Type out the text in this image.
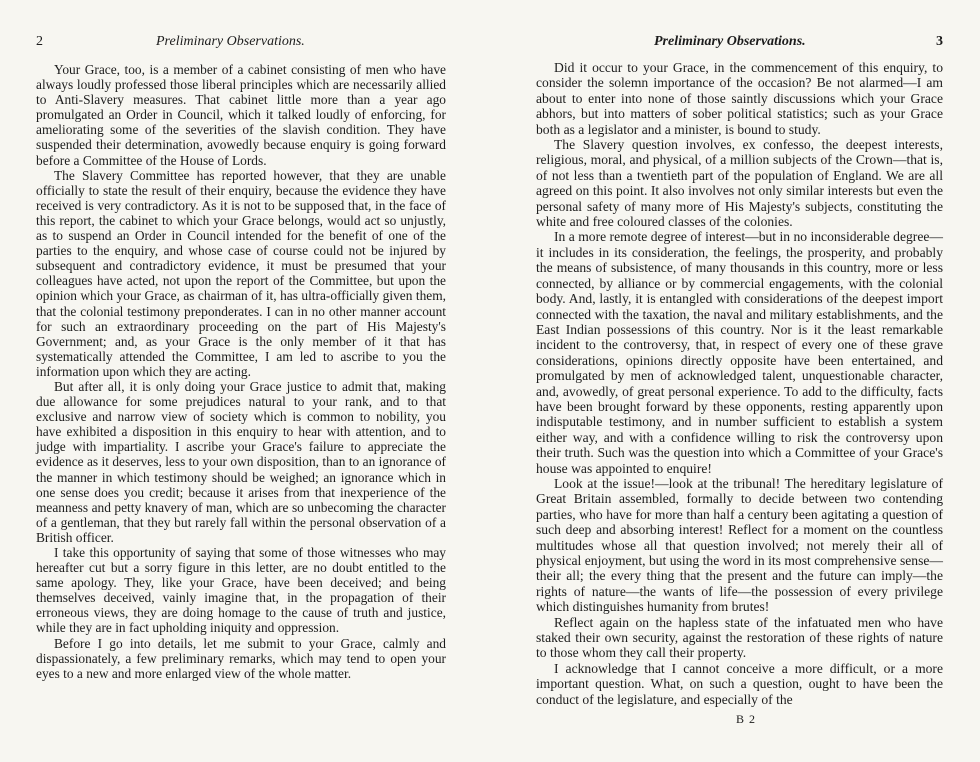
2	Preliminary Observations.

Your Grace, too, is a member of a cabinet consisting of men who have always loudly professed those liberal principles which are necessarily allied to Anti-Slavery measures. That cabinet little more than a year ago promulgated an Order in Council, which it talked loudly of enforcing, for ameliorating some of the severities of the slavish condition. They have suspended their determination, avowedly because enquiry is going forward before a Committee of the House of Lords.

The Slavery Committee has reported however, that they are unable officially to state the result of their enquiry, because the evidence they have received is very contradictory. As it is not to be supposed that, in the face of this report, the cabinet to which your Grace belongs, would act so unjustly, as to suspend an Order in Council intended for the benefit of one of the parties to the enquiry, and whose case of course could not be injured by subsequent and contradictory evidence, it must be presumed that your colleagues have acted, not upon the report of the Committee, but upon the opinion which your Grace, as chairman of it, has ultra-officially given them, that the colonial testimony preponderates. I can in no other manner account for such an extraordinary proceeding on the part of His Majesty's Government; and, as your Grace is the only member of it that has systematically attended the Committee, I am led to ascribe to you the information upon which they are acting.

But after all, it is only doing your Grace justice to admit that, making due allowance for some prejudices natural to your rank, and to that exclusive and narrow view of society which is common to nobility, you have exhibited a disposition in this enquiry to hear with attention, and to judge with impartiality. I ascribe your Grace's failure to appreciate the evidence as it deserves, less to your own disposition, than to an ignorance of the manner in which testimony should be weighed; an ignorance which in one sense does you credit; because it arises from that inexperience of the meanness and petty knavery of man, which are so unbecoming the character of a gentleman, that they but rarely fall within the personal observation of a British officer.

I take this opportunity of saying that some of those witnesses who may hereafter cut but a sorry figure in this letter, are no doubt entitled to the same apology. They, like your Grace, have been deceived; and being themselves deceived, vainly imagine that, in the propagation of their erroneous views, they are doing homage to the cause of truth and justice, while they are in fact upholding iniquity and oppression.

Before I go into details, let me submit to your Grace, calmly and dispassionately, a few preliminary remarks, which may tend to open your eyes to a new and more enlarged view of the whole matter.

Preliminary Observations.	3

Did it occur to your Grace, in the commencement of this enquiry, to consider the solemn importance of the occasion? Be not alarmed—I am about to enter into none of those saintly discussions which your Grace abhors, but into matters of sober political statistics; such as your Grace both as a legislator and a minister, is bound to study.

The Slavery question involves, ex confesso, the deepest interests, religious, moral, and physical, of a million subjects of the Crown—that is, of not less than a twentieth part of the population of England. We are all agreed on this point. It also involves not only similar interests but even the personal safety of many more of His Majesty's subjects, constituting the white and free coloured classes of the colonies.

In a more remote degree of interest—but in no inconsiderable degree—it includes in its consideration, the feelings, the prosperity, and probably the means of subsistence, of many thousands in this country, more or less connected, by alliance or by commercial engagements, with the colonial body. And, lastly, it is entangled with considerations of the deepest import connected with the taxation, the naval and military establishments, and the East Indian possessions of this country. Nor is it the least remarkable incident to the controversy, that, in respect of every one of these grave considerations, opinions directly opposite have been entertained, and promulgated by men of acknowledged talent, unquestionable character, and, avowedly, of great personal experience. To add to the difficulty, facts have been brought forward by these opponents, resting apparently upon indisputable testimony, and in number sufficient to establish a system either way, and with a confidence willing to risk the controversy upon their truth. Such was the question into which a Committee of your Grace's house was appointed to enquire!

Look at the issue!—look at the tribunal! The hereditary legislature of Great Britain assembled, formally to decide between two contending parties, who have for more than half a century been agitating a question of such deep and absorbing interest! Reflect for a moment on the countless multitudes whose all that question involved; not merely their all of physical enjoyment, but using the word in its most comprehensive sense—their all; the every thing that the present and the future can imply—the rights of nature—the wants of life—the possession of every privilege which distinguishes humanity from brutes!

Reflect again on the hapless state of the infatuated men who have staked their own security, against the restoration of these rights of nature to those whom they call their property.

I acknowledge that I cannot conceive a more difficult, or a more important question. What, on such a question, ought to have been the conduct of the legislature, and especially of the

B 2
